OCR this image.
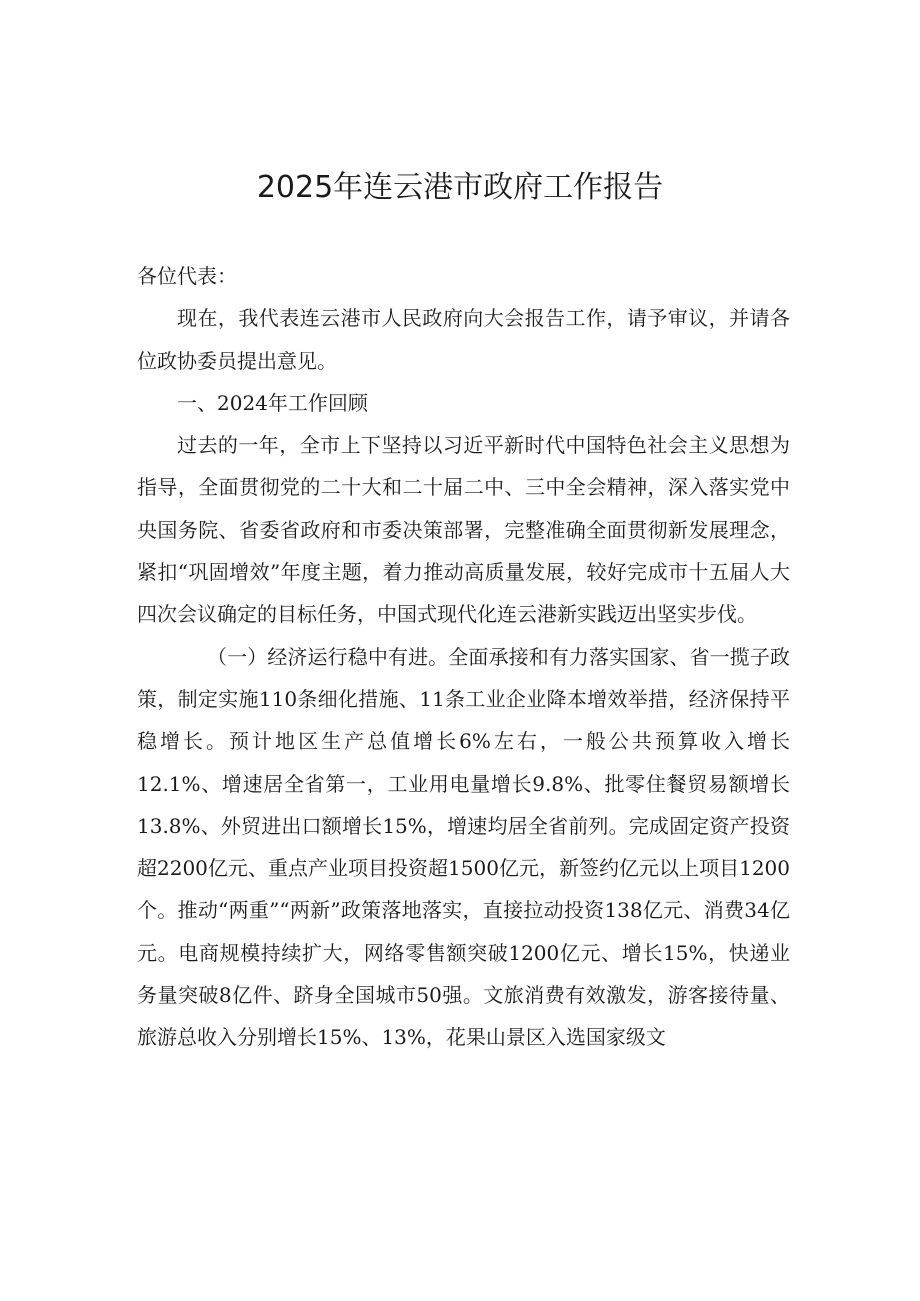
2025年连云港市政府工作报告

各位代表：

现在，我代表连云港市人民政府向大会报告工作，请予审议，并请各位政协委员提出意见。

一、2024年工作回顾

过去的一年，全市上下坚持以习近平新时代中国特色社会主义思想为指导，全面贯彻党的二十大和二十届二中、三中全会精神，深入落实党中央国务院、省委省政府和市委决策部署，完整准确全面贯彻新发展理念，紧扣“巩固增效”年度主题，着力推动高质量发展，较好完成市十五届人大四次会议确定的目标任务，中国式现代化连云港新实践迈出坚实步伐。

（一）经济运行稳中有进。全面承接和有力落实国家、省一揽子政策，制定实施110条细化措施、11条工业企业降本增效举措，经济保持平稳增长。预计地区生产总值增长6%左右，一般公共预算收入增长12.1%、增速居全省第一，工业用电量增长9.8%、批零住餐贸易额增长13.8%、外贸进出口额增长15%，增速均居全省前列。完成固定资产投资超2200亿元、重点产业项目投资超1500亿元，新签约亿元以上项目1200个。推动“两重”“两新”政策落地落实，直接拉动投资138亿元、消费34亿元。电商规模持续扩大，网络零售额突破1200亿元、增长15%，快递业务量突破8亿件、跻身全国城市50强。文旅消费有效激发，游客接待量、旅游总收入分别增长15%、13%，花果山景区入选国家级文
